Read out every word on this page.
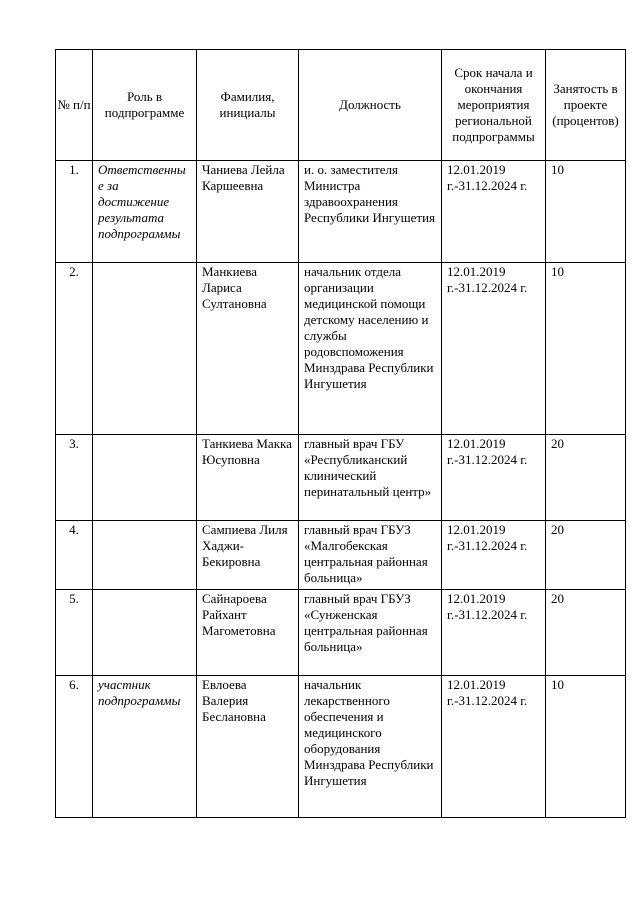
№ п/п	Роль в подпрограмме	Фамилия, инициалы	Должность	Срок начала и окончания мероприятия региональной подпрограммы	Занятость в проекте (процентов)
1.	Ответственные за достижение результата подпрограммы	Чаниева Лейла Каршеевна	и. о. заместителя Министра здравоохранения Республики Ингушетия	12.01.2019 г.-31.12.2024 г.	10
2.		Манкиева Лариса Султановна	начальник отдела организации медицинской помощи детскому населению и службы родовспоможения Минздрава Республики Ингушетия	12.01.2019 г.-31.12.2024 г.	10
3.		Танкиева Макка Юсуповна	главный врач ГБУ «Республиканский клинический перинатальный центр»	12.01.2019 г.-31.12.2024 г.	20
4.		Сампиева Лиля Хаджи-Бекировна	главный врач ГБУЗ «Малгобекская центральная районная больница»	12.01.2019 г.-31.12.2024 г.	20
5.		Сайнароева Райхант Магометовна	главный врач ГБУЗ «Сунженская центральная районная больница»	12.01.2019 г.-31.12.2024 г.	20
6.	участник подпрограммы	Евлоева Валерия Беслановна	начальник лекарственного обеспечения и медицинского оборудования Минздрава Республики Ингушетия	12.01.2019 г.-31.12.2024 г.	10
